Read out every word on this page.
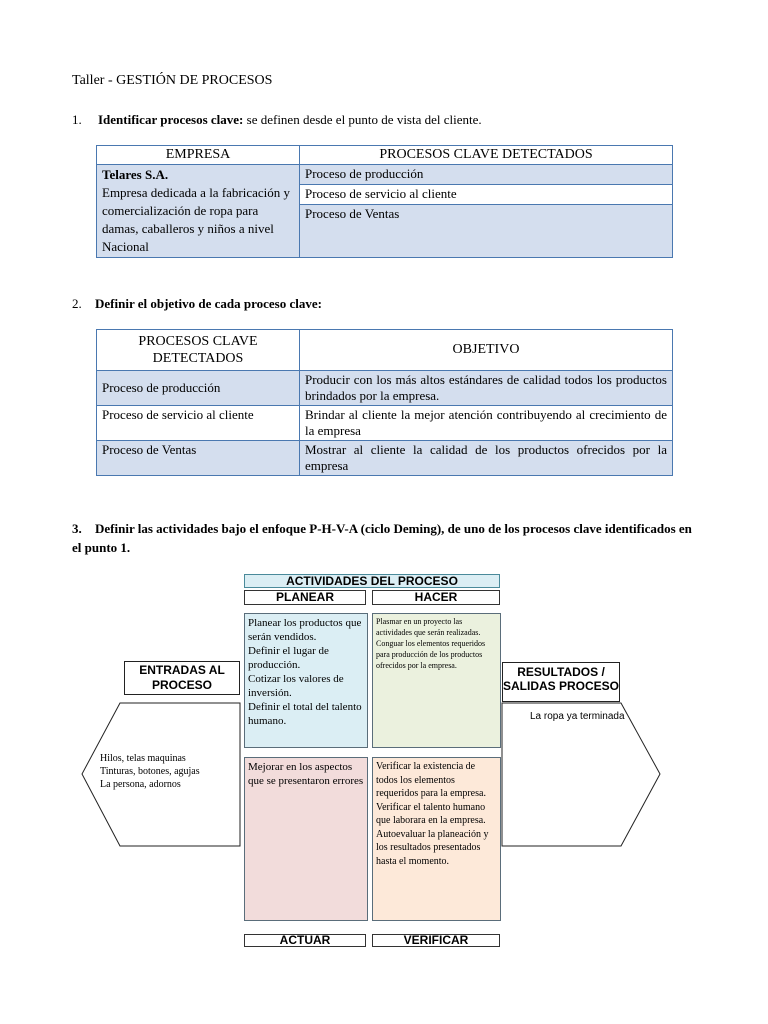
Taller - GESTIÓN DE PROCESOS
1. Identificar procesos clave: se definen desde el punto de vista del cliente.
EMPRESA	PROCESOS CLAVE DETECTADOS

Telares S.A.
Empresa dedicada a la fabricación y comercialización de ropa para damas, caballeros y niños a nivel Nacional	Proceso de producción
	Proceso de servicio al cliente
	Proceso de Ventas
2. Definir el objetivo de cada proceso clave:
PROCESOS CLAVE DETECTADOS	OBJETIVO
Proceso de producción	Producir con los más altos estándares de calidad todos los productos brindados por la empresa.
Proceso de servicio al cliente	Brindar al cliente la mejor atención contribuyendo al crecimiento de la empresa
Proceso de Ventas	Mostrar al cliente la calidad de los productos ofrecidos por la empresa
3. Definir las actividades bajo el enfoque P-H-V-A (ciclo Deming), de uno de los procesos clave identificados en el punto 1.
ACTIVIDADES DEL PROCESO
PLANEAR	HACER
Planear los productos que serán vendidos.
Definir el lugar de producción.
Cotizar los valores de inversión.
Definir el total del talento humano.
Plasmar en un proyecto las actividades que serán realizadas.
Conguar los elementos requeridos para producción de los productos ofrecidos por la empresa.
Mejorar en los aspectos que se presentaron errores
Verificar la existencia de todos los elementos requeridos para la empresa.
Verificar el talento humano que laborara en la empresa.
Autoevaluar la planeación y los resultados presentados hasta el momento.
ACTUAR	VERIFICAR
ENTRADAS AL PROCESO
Hilos, telas maquinas
Tinturas, botones, agujas
La persona, adornos
RESULTADOS / SALIDAS PROCESO
La ropa ya terminada
